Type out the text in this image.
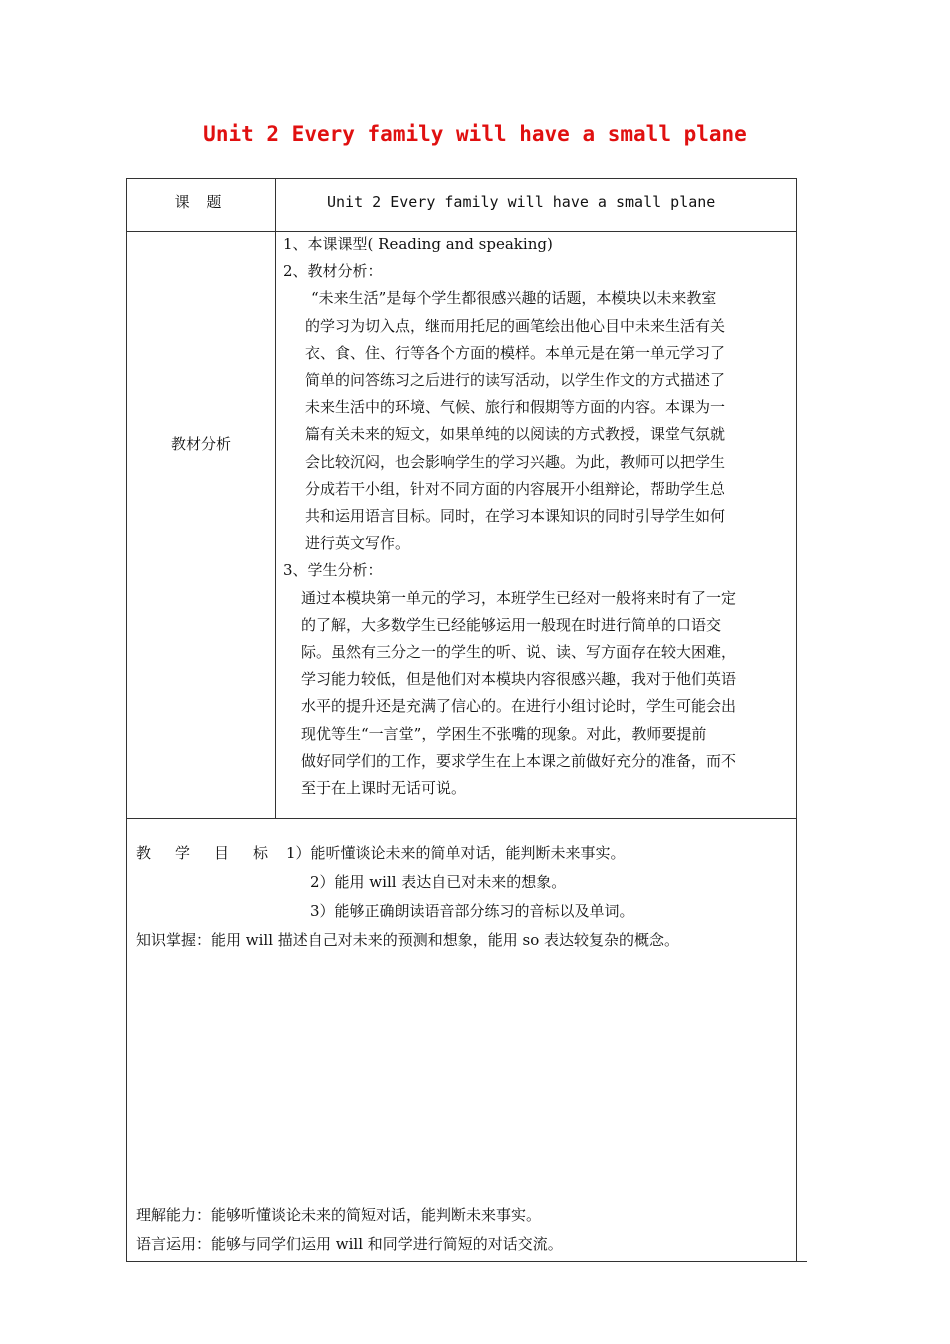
Unit 2 Every family will have a small plane
课 题	Unit 2 Every family will have a small plane
教材分析

1、本课课型( Reading and speaking)

2、教材分析：

“未来生活”是每个学生都很感兴趣的话题，本模块以未来教室

的学习为切入点，继而用托尼的画笔绘出他心目中未来生活有关

衣、食、住、行等各个方面的模样。本单元是在第一单元学习了

简单的问答练习之后进行的读写活动，以学生作文的方式描述了

未来生活中的环境、气候、旅行和假期等方面的内容。本课为一

篇有关未来的短文，如果单纯的以阅读的方式教授，课堂气氛就

会比较沉闷，也会影响学生的学习兴趣。为此，教师可以把学生

分成若干小组，针对不同方面的内容展开小组辩论，帮助学生总

共和运用语言目标。同时，在学习本课知识的同时引导学生如何

进行英文写作。

3、学生分析：

通过本模块第一单元的学习，本班学生已经对一般将来时有了一定

的了解，大多数学生已经能够运用一般现在时进行简单的口语交

际。虽然有三分之一的学生的听、说、读、写方面存在较大困难，

学习能力较低，但是他们对本模块内容很感兴趣，我对于他们英语

水平的提升还是充满了信心的。在进行小组讨论时，学生可能会出

现优等生“一言堂”，学困生不张嘴的现象。对此，教师要提前

做好同学们的工作，要求学生在上本课之前做好充分的准备，而不

至于在上课时无话可说。

教学目标1）能听懂谈论未来的简单对话，能判断未来事实。

2）能用 will 表达自已对未来的想象。

3）能够正确朗读语音部分练习的音标以及单词。

知识掌握：能用 will 描述自己对未来的预测和想象，能用 so 表达较复杂的概念。

理解能力：能够听懂谈论未来的简短对话，能判断未来事实。

语言运用：能够与同学们运用 will 和同学进行简短的对话交流。
